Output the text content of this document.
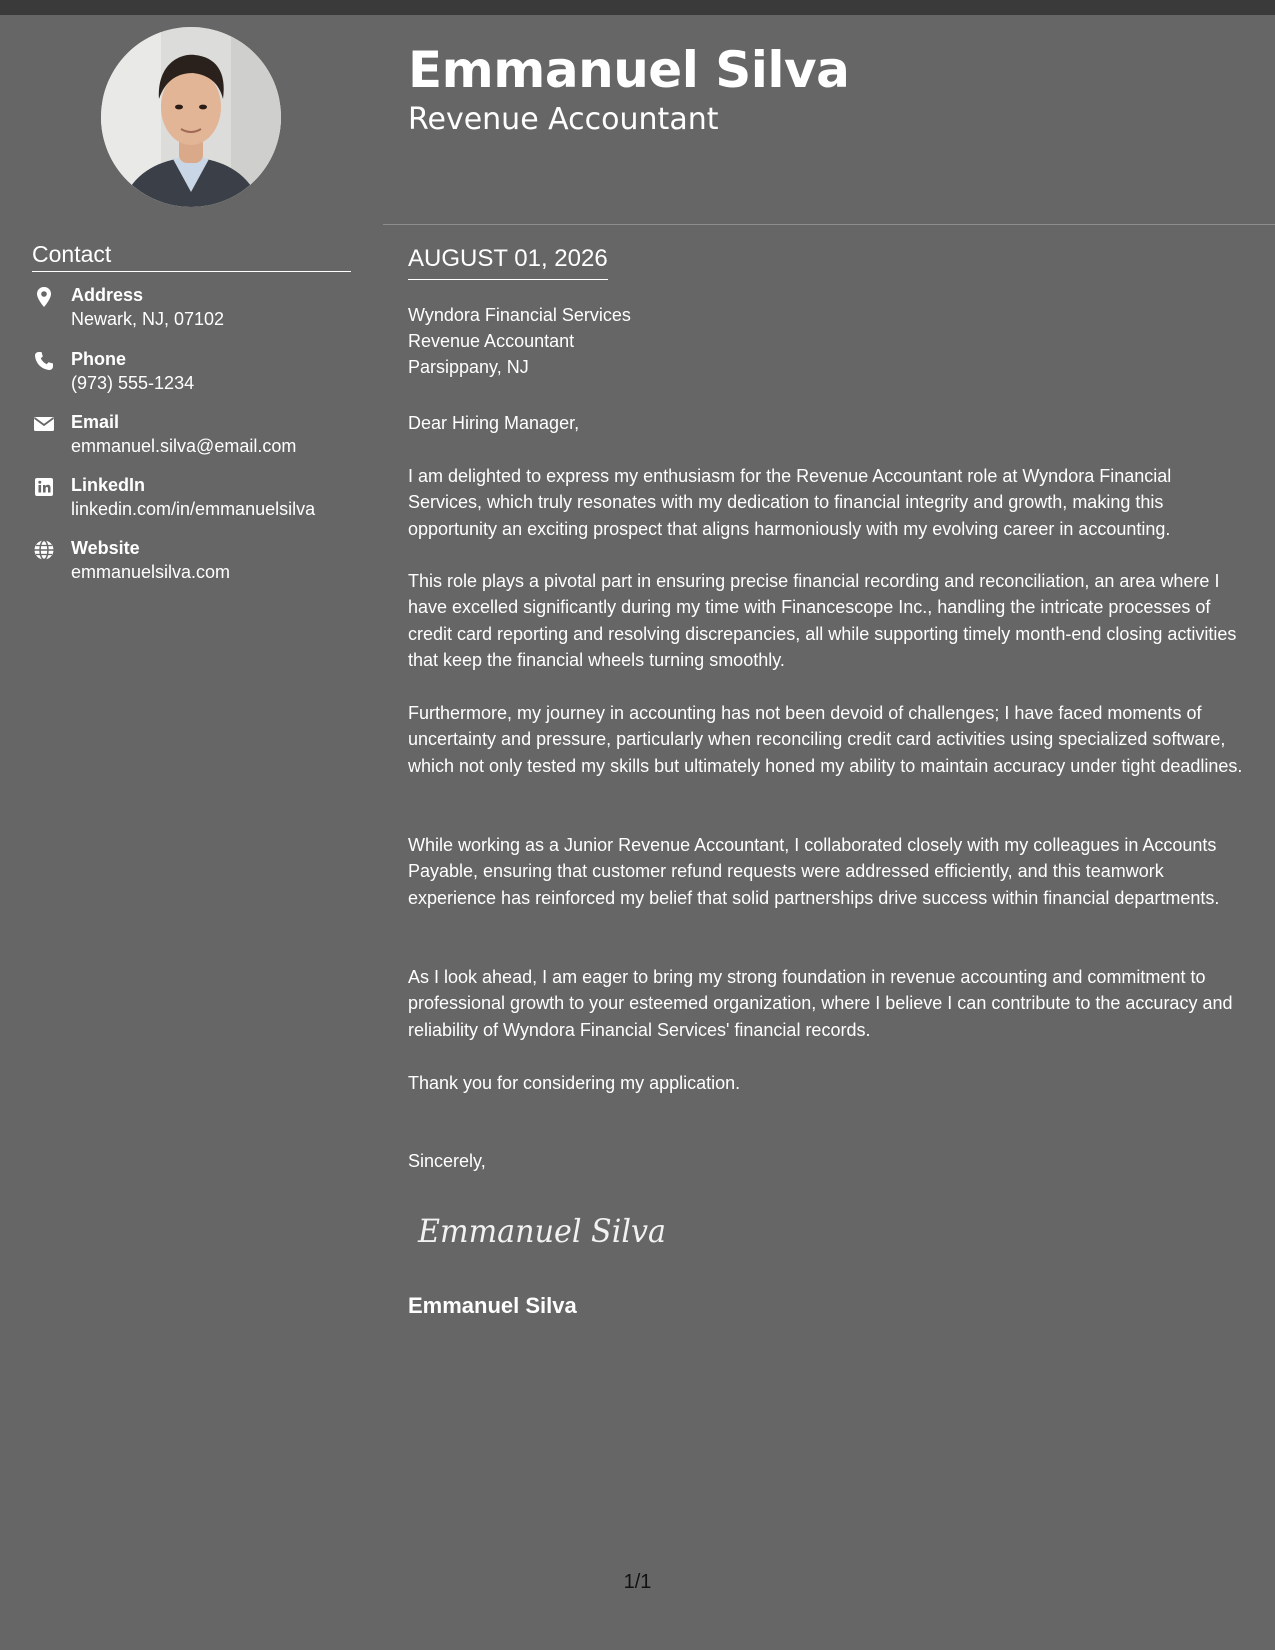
Emmanuel Silva
Revenue Accountant
Contact
Address
Newark, NJ, 07102
Phone
(973) 555-1234
Email
emmanuel.silva@email.com
LinkedIn
linkedin.com/in/emmanuelsilva
Website
emmanuelsilva.com
AUGUST 01, 2026
Wyndora Financial Services
Revenue Accountant
Parsippany, NJ

Dear Hiring Manager,

I am delighted to express my enthusiasm for the Revenue Accountant role at Wyndora Financial Services, which truly resonates with my dedication to financial integrity and growth, making this opportunity an exciting prospect that aligns harmoniously with my evolving career in accounting.

This role plays a pivotal part in ensuring precise financial recording and reconciliation, an area where I have excelled significantly during my time with Financescope Inc., handling the intricate processes of credit card reporting and resolving discrepancies, all while supporting timely month-end closing activities that keep the financial wheels turning smoothly.

Furthermore, my journey in accounting has not been devoid of challenges; I have faced moments of uncertainty and pressure, particularly when reconciling credit card activities using specialized software, which not only tested my skills but ultimately honed my ability to maintain accuracy under tight deadlines.

While working as a Junior Revenue Accountant, I collaborated closely with my colleagues in Accounts Payable, ensuring that customer refund requests were addressed efficiently, and this teamwork experience has reinforced my belief that solid partnerships drive success within financial departments.

As I look ahead, I am eager to bring my strong foundation in revenue accounting and commitment to professional growth to your esteemed organization, where I believe I can contribute to the accuracy and reliability of Wyndora Financial Services' financial records.

Thank you for considering my application.

Sincerely,

Emmanuel Silva

Emmanuel Silva

1/1
